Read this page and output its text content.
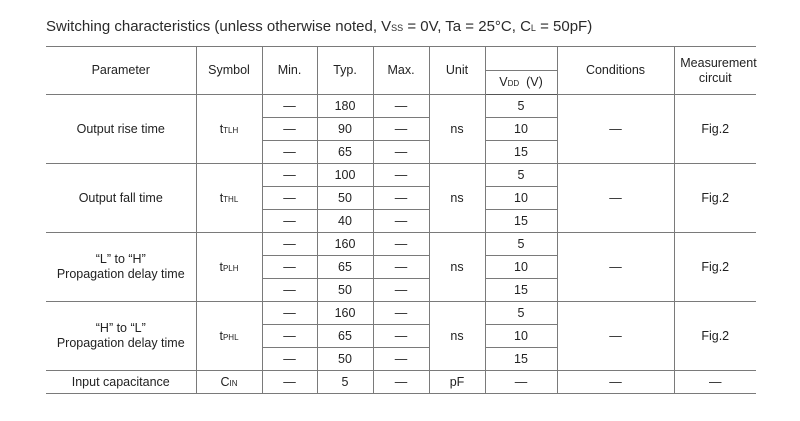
Switching characteristics (unless otherwise noted, VSS = 0V, Ta = 25°C, CL = 50pF)
Parameter	Symbol	Min.	Typ.	Max.	Unit		Conditions	Measurement circuit
						VDD (V)		
Output rise time	tTLH	—	180	—	ns	5	—	Fig.2
		—	90	—		10		
		—	65	—		15		
Output fall time	tTHL	—	100	—	ns	5	—	Fig.2
		—	50	—		10		
		—	40	—		15		
“L” to “H”
Propagation delay time	tPLH	—	160	—	ns	5	—	Fig.2
		—	65	—		10		
		—	50	—		15		
“H” to “L”
Propagation delay time	tPHL	—	160	—	ns	5	—	Fig.2
		—	65	—		10		
		—	50	—		15		
Input capacitance	CIN	—	5	—	pF	—	—	—
